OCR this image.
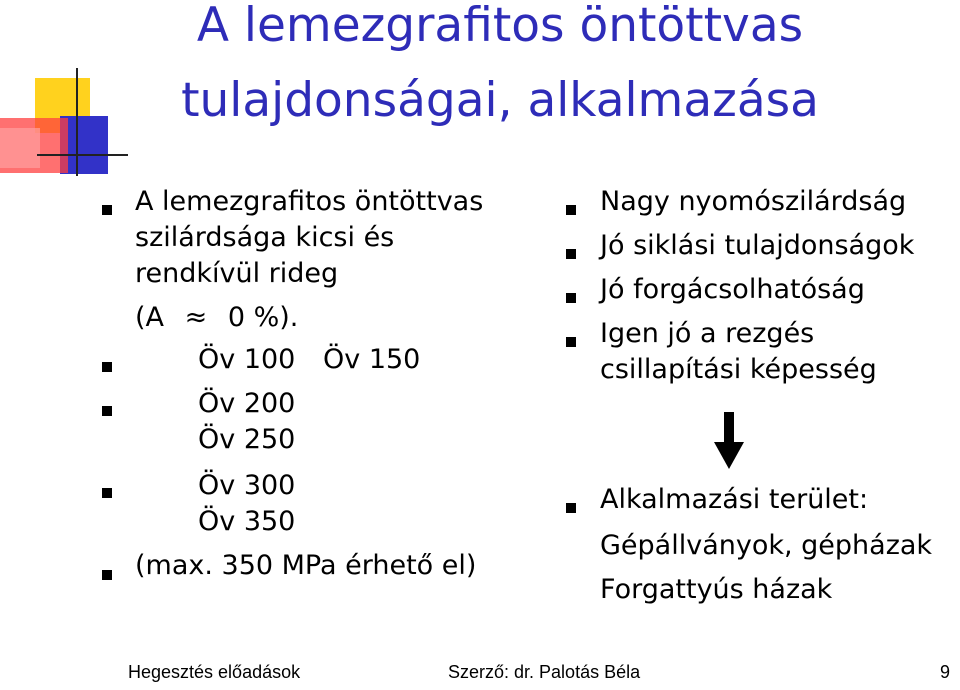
A lemezgrafitos öntöttvas
tulajdonságai, alkalmazása
A lemezgrafitos öntöttvas
szilárdsága kicsi és
rendkívül rideg
(A ≈ 0 %).
Öv 100 Öv 150
Öv 200
Öv 250
Öv 300
Öv 350
(max. 350 MPa érhető el)
Nagy nyomószilárdság
Jó siklási tulajdonságok
Jó forgácsolhatóság
Igen jó a rezgés
csillapítási képesség
Alkalmazási terület:
Gépállványok, gépházak
Forgattyús házak
Hegesztés előadások	Szerző: dr. Palotás Béla	9
